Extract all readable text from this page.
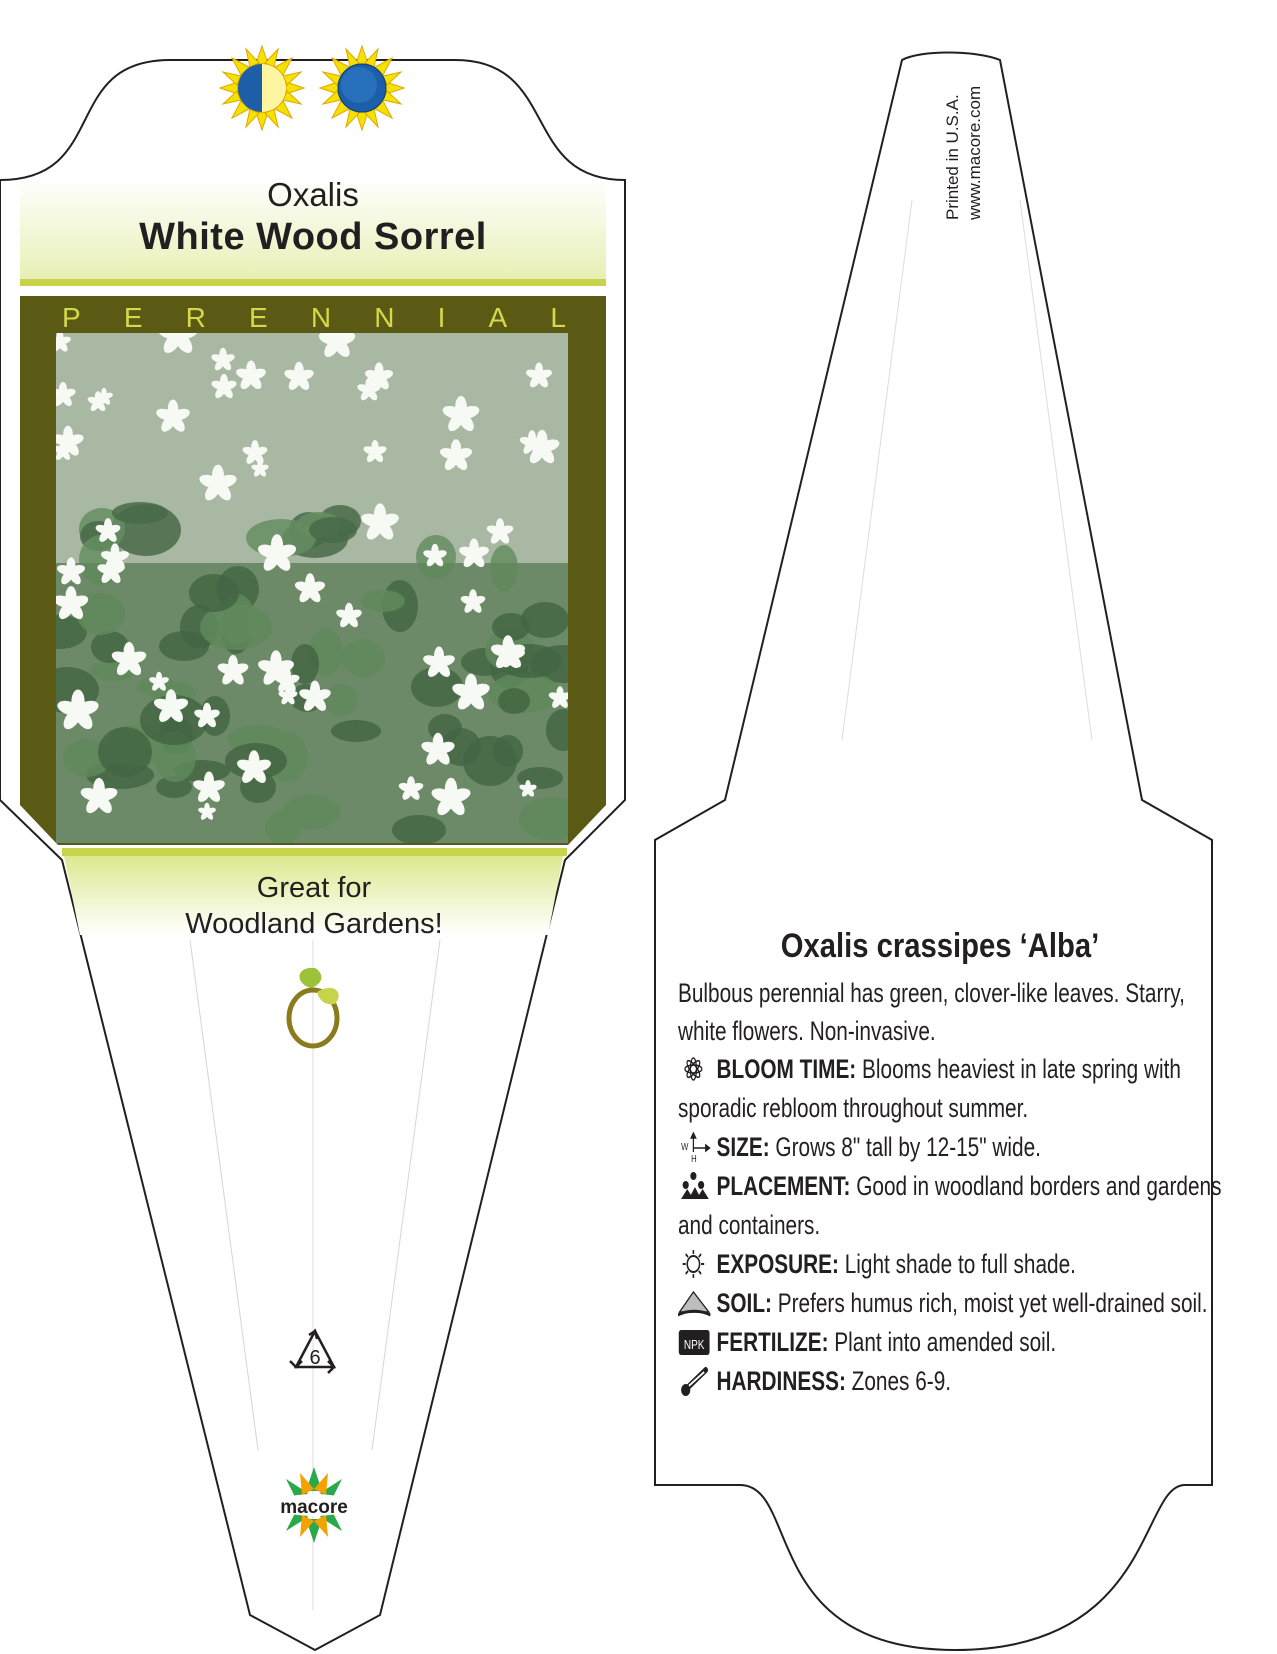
Oxalis
White Wood Sorrel
P E R E N N I A L
Great for
Woodland Gardens!
6
macore
Printed in U.S.A. www.macore.com
Oxalis crassipes ‘Alba’
Bulbous perennial has green, clover-like leaves. Starry, white flowers. Non-invasive.
BLOOM TIME: Blooms heaviest in late spring with sporadic rebloom throughout summer.
W
H SIZE: Grows 8" tall by 12-15" wide.
PLACEMENT: Good in woodland borders and gardens and containers.
EXPOSURE: Light shade to full shade.
SOIL: Prefers humus rich, moist yet well-drained soil.
NPK FERTILIZE: Plant into amended soil.
HARDINESS: Zones 6-9.
